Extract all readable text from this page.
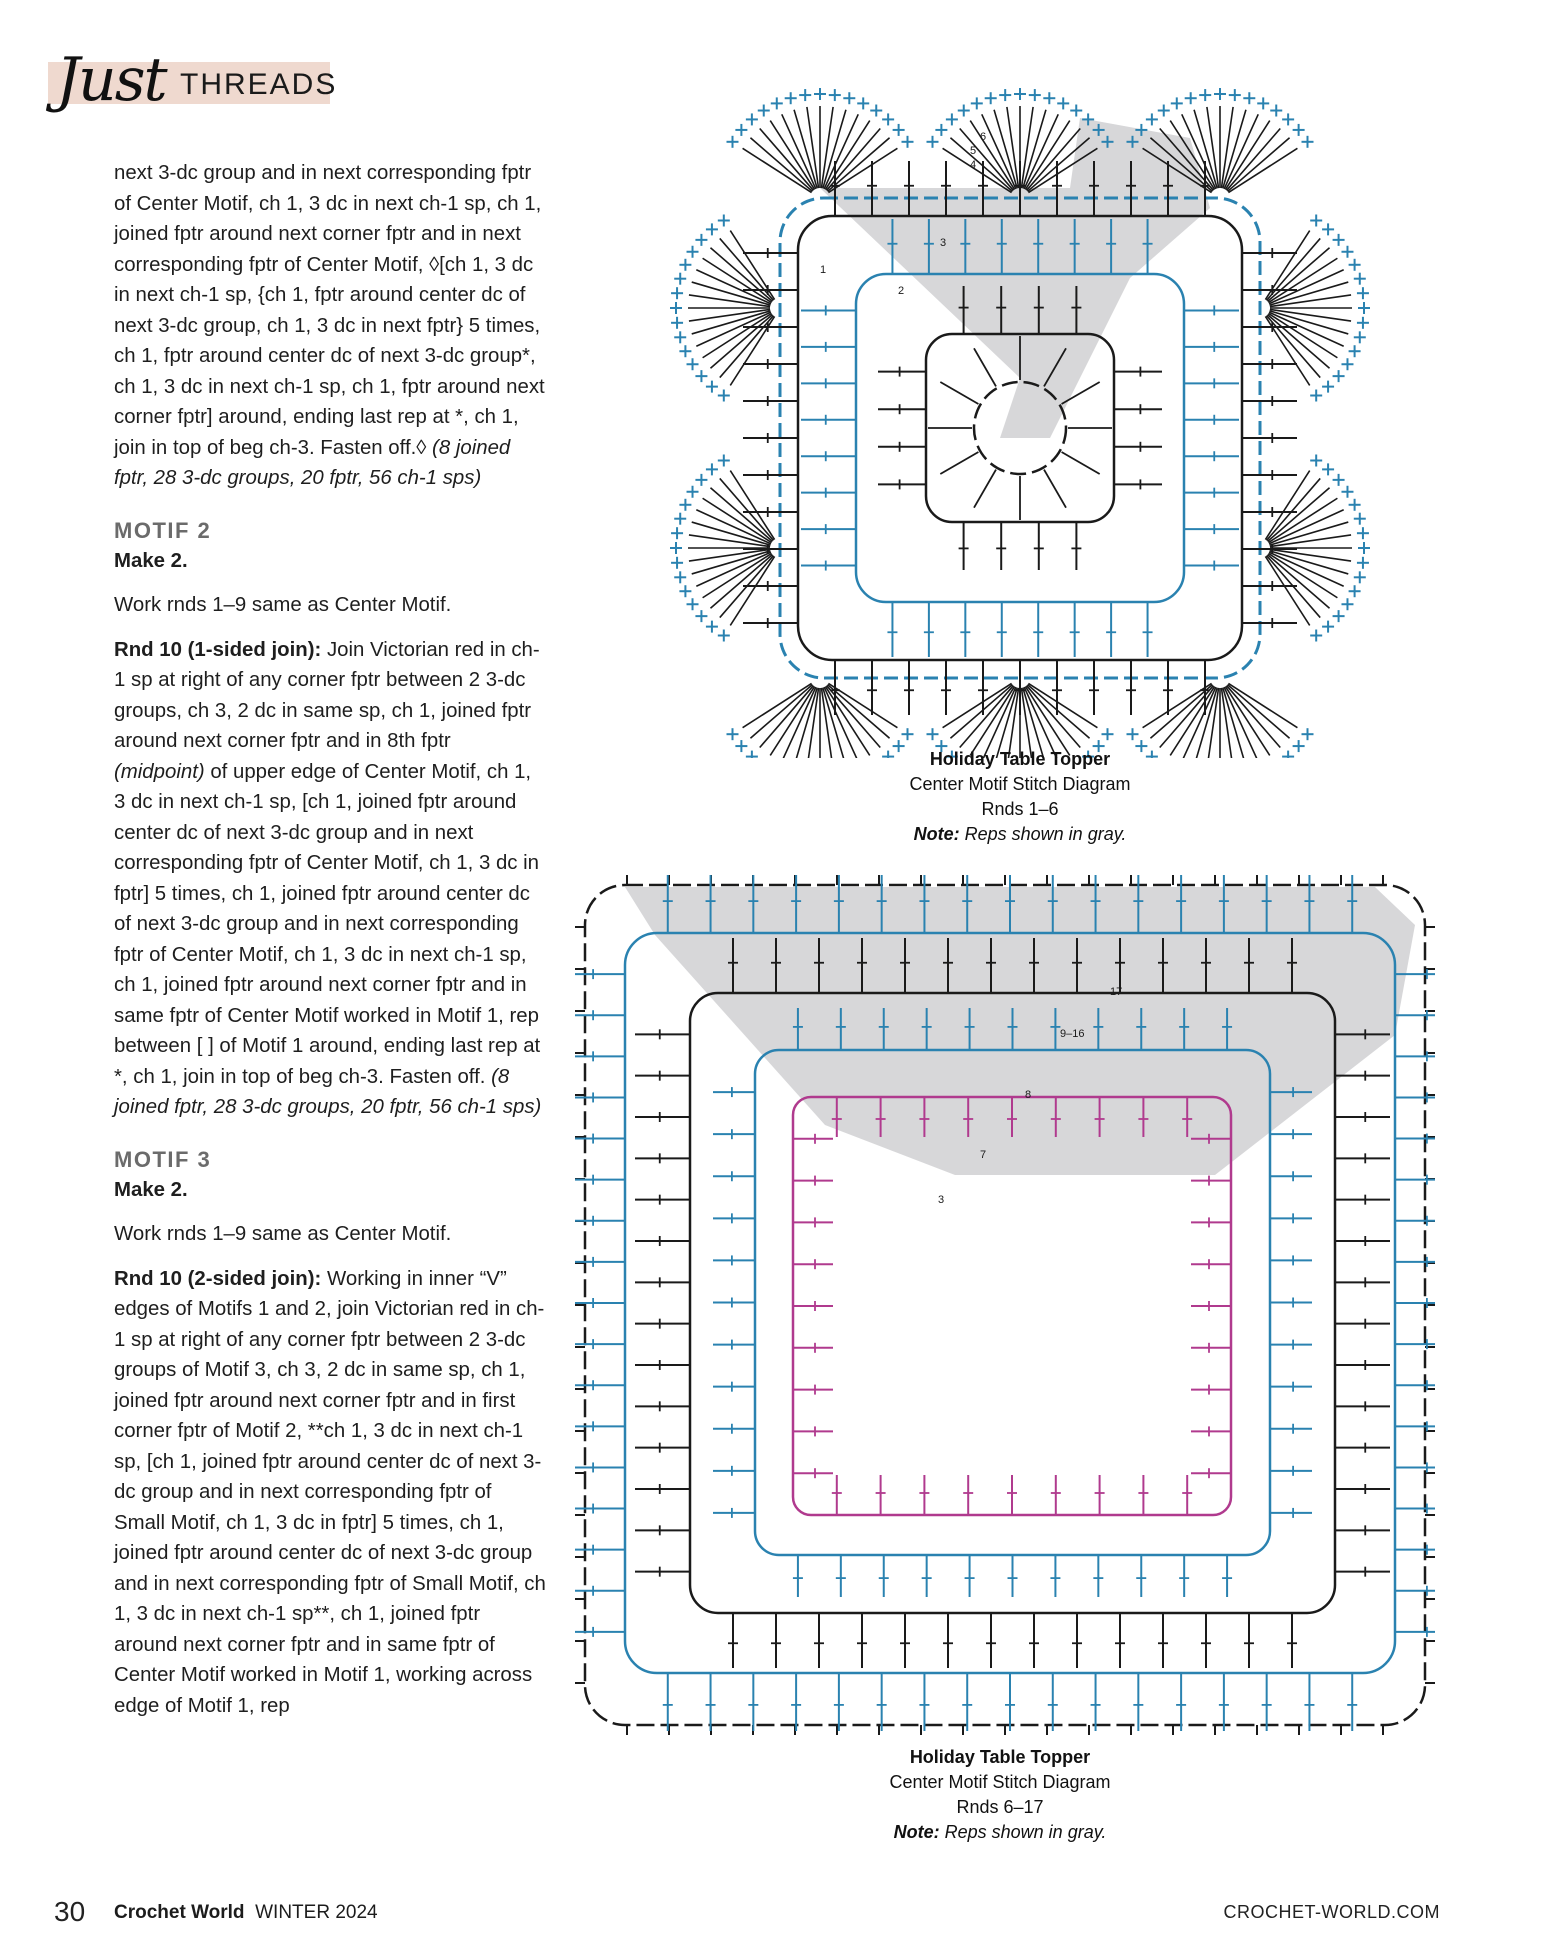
Just THREADS

next 3-dc group and in next corresponding fptr of Center Motif, ch 1, 3 dc in next ch-1 sp, ch 1, joined fptr around next corner fptr and in next corresponding fptr of Center Motif, ◊[ch 1, 3 dc in next ch-1 sp, {ch 1, fptr around center dc of next 3-dc group, ch 1, 3 dc in next fptr} 5 times, ch 1, fptr around center dc of next 3-dc group*, ch 1, 3 dc in next ch-1 sp, ch 1, fptr around next corner fptr] around, ending last rep at *, ch 1, join in top of beg ch-3. Fasten off.◊ (8 joined fptr, 28 3-dc groups, 20 fptr, 56 ch-1 sps)

MOTIF 2

Make 2.

Work rnds 1–9 same as Center Motif.

Rnd 10 (1-sided join): Join Victorian red in ch-1 sp at right of any corner fptr between 2 3-dc groups, ch 3, 2 dc in same sp, ch 1, joined fptr around next corner fptr and in 8th fptr (midpoint) of upper edge of Center Motif, ch 1, 3 dc in next ch-1 sp, [ch 1, joined fptr around center dc of next 3-dc group and in next corresponding fptr of Center Motif, ch 1, 3 dc in fptr] 5 times, ch 1, joined fptr around center dc of next 3-dc group and in next corresponding fptr of Center Motif, ch 1, 3 dc in next ch-1 sp, ch 1, joined fptr around next corner fptr and in same fptr of Center Motif worked in Motif 1, rep between [ ] of Motif 1 around, ending last rep at *, ch 1, join in top of beg ch-3. Fasten off. (8 joined fptr, 28 3-dc groups, 20 fptr, 56 ch-1 sps)

MOTIF 3

Make 2.

Work rnds 1–9 same as Center Motif.

Rnd 10 (2-sided join): Working in inner “V” edges of Motifs 1 and 2, join Victorian red in ch-1 sp at right of any corner fptr between 2 3-dc groups of Motif 3, ch 3, 2 dc in same sp, ch 1, joined fptr around next corner fptr and in first corner fptr of Motif 2, **ch 1, 3 dc in next ch-1 sp, [ch 1, joined fptr around center dc of next 3-dc group and in next corresponding fptr of Small Motif, ch 1, 3 dc in fptr] 5 times, ch 1, joined fptr around center dc of next 3-dc group and in next corresponding fptr of Small Motif, ch 1, 3 dc in next ch-1 sp**, ch 1, joined fptr around next corner fptr and in same fptr of Center Motif worked in Motif 1, working across edge of Motif 1, rep

1
2
3
4
5
6
Holiday Table Topper
Center Motif Stitch Diagram
Rnds 1–6
Note: Reps shown in gray.
3
7
8
9–16
17
Holiday Table Topper
Center Motif Stitch Diagram
Rnds 6–17
Note: Reps shown in gray.
30 Crochet World WINTER 2024	CROCHET-WORLD.COM
